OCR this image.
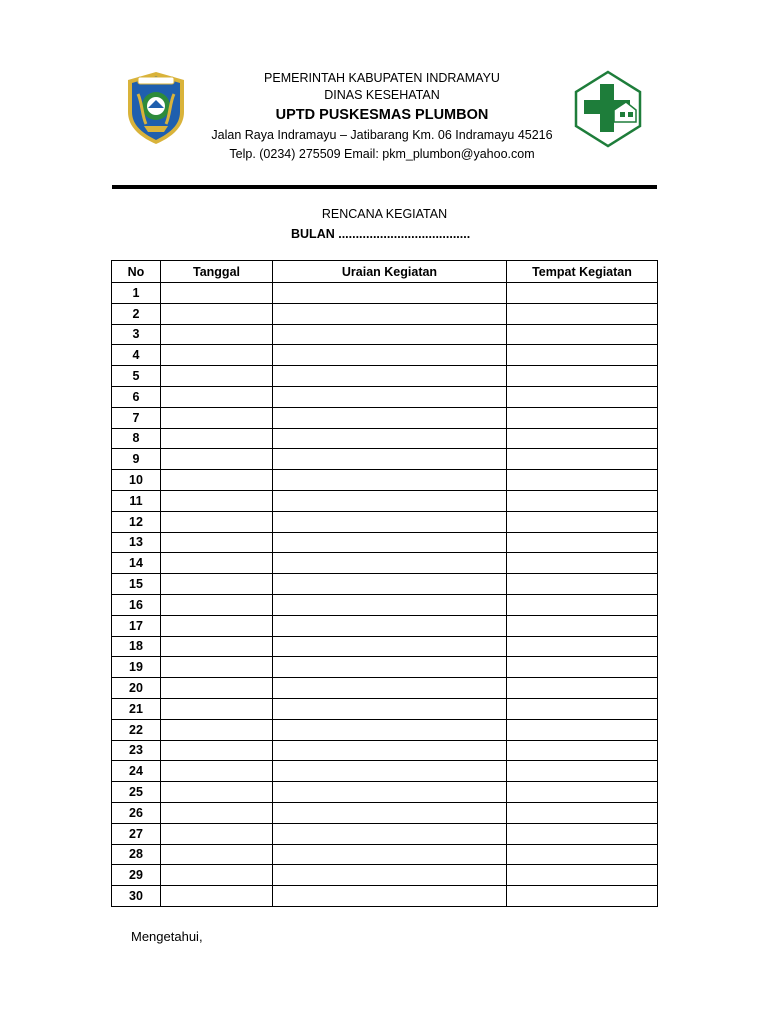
PEMERINTAH KABUPATEN INDRAMAYU
DINAS KESEHATAN
UPTD PUSKESMAS PLUMBON
Jalan Raya Indramayu – Jatibarang Km. 06 Indramayu 45216
Telp. (0234) 275509 Email: pkm_plumbon@yahoo.com
RENCANA KEGIATAN
BULAN ......................................
No	Tanggal	Uraian Kegiatan	Tempat Kegiatan
1			
2			
3			
4			
5			
6			
7			
8			
9			
10			
11			
12			
13			
14			
15			
16			
17			
18			
19			
20			
21			
22			
23			
24			
25			
26			
27			
28			
29			
30			
Mengetahui,
